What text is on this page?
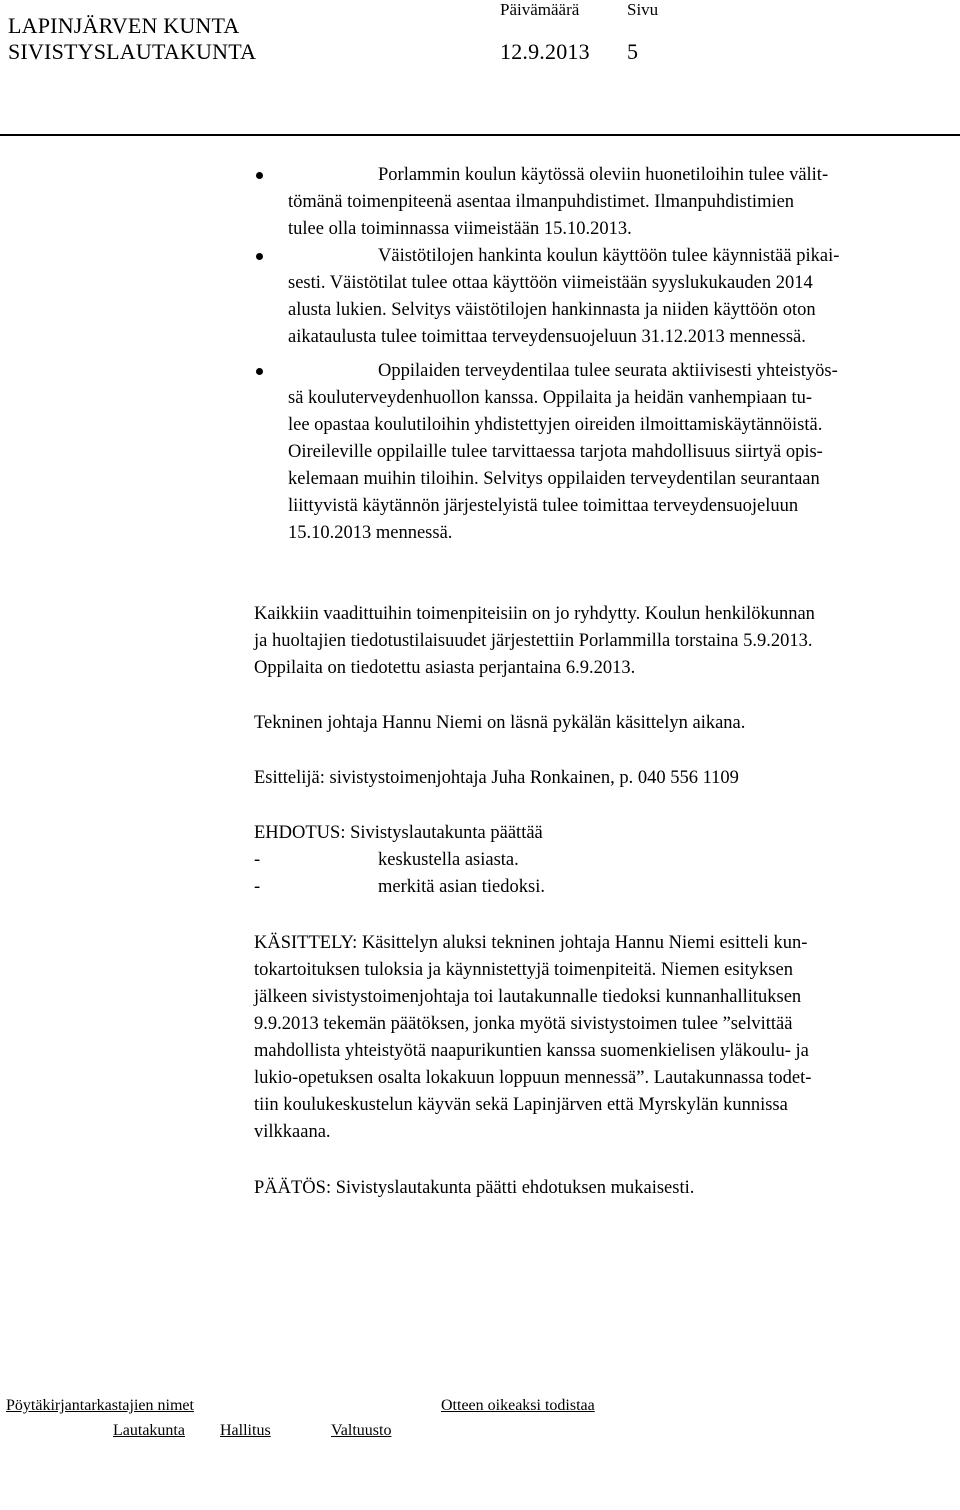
LAPINJÄRVEN KUNTA
SIVISTYSLAUTAKUNTA
Päivämäärä	Sivu
12.9.2013 5
Porlammin koulun käytössä oleviin huonetiloihin tulee välit-
tömänä toimenpiteenä asentaa ilmanpuhdistimet. Ilmanpuhdistimien
tulee olla toiminnassa viimeistään 15.10.2013.
Väistötilojen hankinta koulun käyttöön tulee käynnistää pikai-
sesti. Väistötilat tulee ottaa käyttöön viimeistään syyslukukauden 2014
alusta lukien. Selvitys väistötilojen hankinnasta ja niiden käyttöön oton
aikataulusta tulee toimittaa terveydensuojeluun 31.12.2013 mennessä.
Oppilaiden terveydentilaa tulee seurata aktiivisesti yhteistyös-
sä kouluterveydenhuollon kanssa. Oppilaita ja heidän vanhempiaan tu-
lee opastaa koulutiloihin yhdistettyjen oireiden ilmoittamiskäytännöistä.
Oireileville oppilaille tulee tarvittaessa tarjota mahdollisuus siirtyä opis-
kelemaan muihin tiloihin. Selvitys oppilaiden terveydentilan seurantaan
liittyvistä käytännön järjestelyistä tulee toimittaa terveydensuojeluun
15.10.2013 mennessä.
Kaikkiin vaadittuihin toimenpiteisiin on jo ryhdytty. Koulun henkilökunnan
ja huoltajien tiedotustilaisuudet järjestettiin Porlammilla torstaina 5.9.2013.
Oppilaita on tiedotettu asiasta perjantaina 6.9.2013.
Tekninen johtaja Hannu Niemi on läsnä pykälän käsittelyn aikana.
Esittelijä: sivistystoimenjohtaja Juha Ronkainen, p. 040 556 1109
EHDOTUS: Sivistyslautakunta päättää
-	keskustella asiasta.
-	merkitä asian tiedoksi.
KÄSITTELY: Käsittelyn aluksi tekninen johtaja Hannu Niemi esitteli kun-
tokartoituksen tuloksia ja käynnistettyjä toimenpiteitä. Niemen esityksen
jälkeen sivistystoimenjohtaja toi lautakunnalle tiedoksi kunnanhallituksen
9.9.2013 tekemän päätöksen, jonka myötä sivistystoimen tulee ”selvittää
mahdollista yhteistyötä naapurikuntien kanssa suomenkielisen yläkoulu- ja
lukio-opetuksen osalta lokakuun loppuun mennessä”. Lautakunnassa todet-
tiin koulukeskustelun käyvän sekä Lapinjärven että Myrskylän kunnissa
vilkkaana.
PÄÄTÖS: Sivistyslautakunta päätti ehdotuksen mukaisesti.
Pöytäkirjantarkastajien nimet	Otteen oikeaksi todistaa
Lautakunta Hallitus	Valtuusto
